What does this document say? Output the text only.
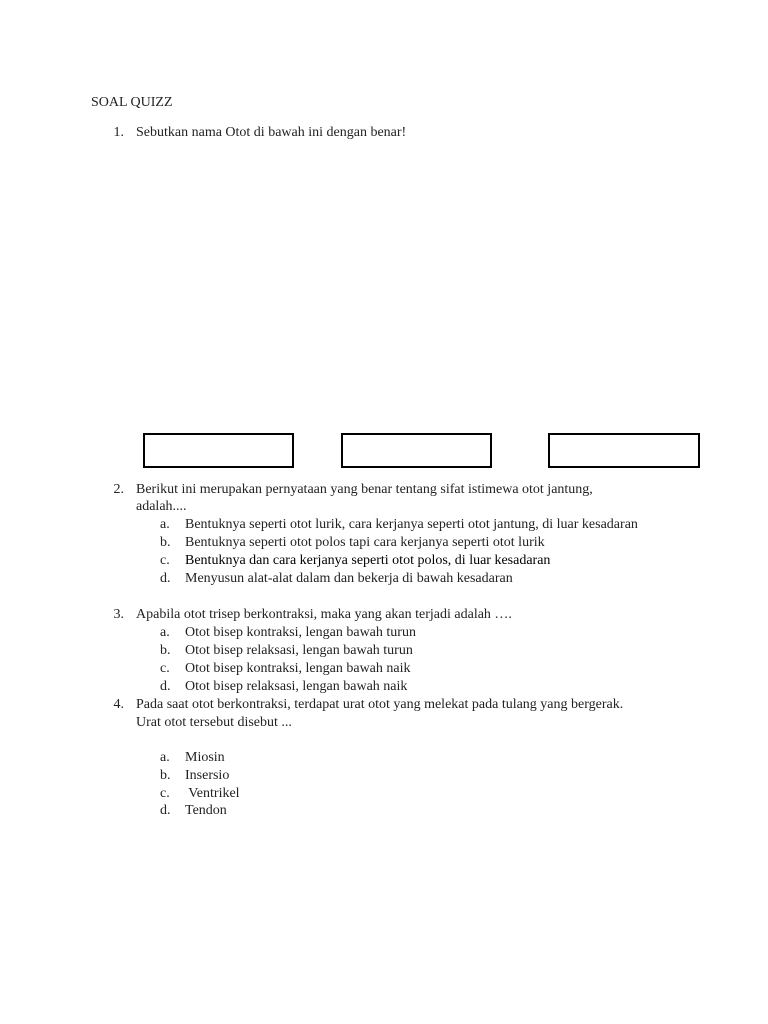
SOAL QUIZZ
1. Sebutkan nama Otot di bawah ini dengan benar!
2. Berikut ini merupakan pernyataan yang benar tentang sifat istimewa otot jantung,
adalah....
a.	Bentuknya seperti otot lurik, cara kerjanya seperti otot jantung, di luar kesadaran
b.	Bentuknya seperti otot polos tapi cara kerjanya seperti otot lurik
c.	Bentuknya dan cara kerjanya seperti otot polos, di luar kesadaran
d.	Menyusun alat-alat dalam dan bekerja di bawah kesadaran
3. Apabila otot trisep berkontraksi, maka yang akan terjadi adalah ….
a.	Otot bisep kontraksi, lengan bawah turun
b.	Otot bisep relaksasi, lengan bawah turun
c.	Otot bisep kontraksi, lengan bawah naik
d.	Otot bisep relaksasi, lengan bawah naik
4. Pada saat otot berkontraksi, terdapat urat otot yang melekat pada tulang yang bergerak.
Urat otot tersebut disebut ...
a.	Miosin
b.	Insersio
c.	Ventrikel
d.	Tendon
